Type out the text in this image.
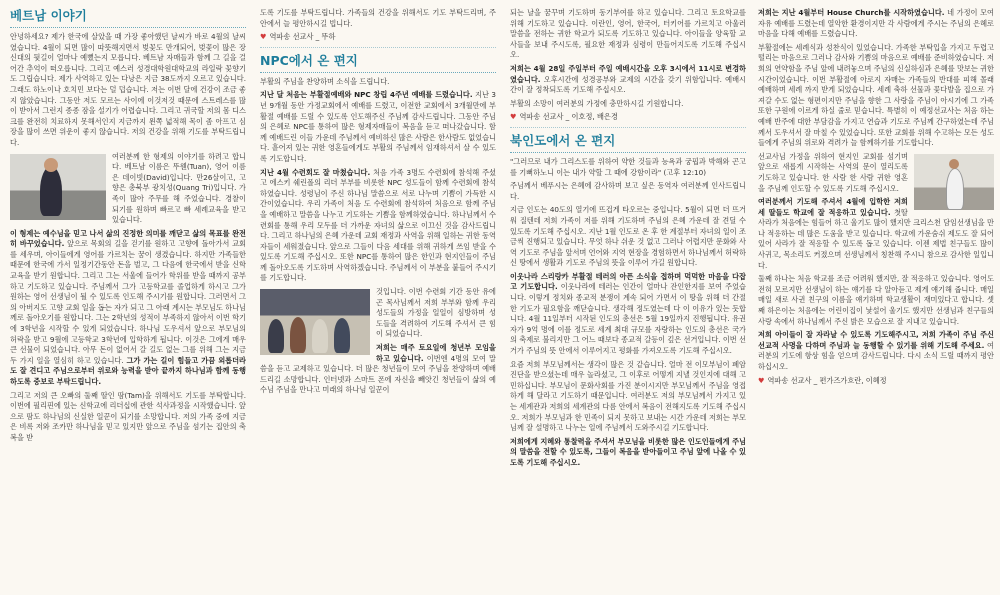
베트남 이야기

안녕하세요? 제가 한국에 살았을 때 가장 좋아했던 날씨가 바로 4월의 날씨였습니다. 4월이 되면 많이 따뜻해지면서 벚꽃도 만개되어, 벚꽃이 많은 장신대의 뒷길이 얼마나 예뻤는지 모릅니다. 베트남 자매들과 함께 그 길을 걸어간 추억이 떠오릅니다. 그리고 예스러 성경대학원대학교의 라일락 꽃향기도 그립습니다. 제가 사역하고 있는 다낭은 지금 38도까지 오르고 있습니다. 그래도 하노이나 호치민 보다는 덜 덥습니다. 저는 이번 달에 건강이 조금 좋지 않았습니다. 그동안 저도 모르는 사이에 이것저것 때문에 스트레스를 많이 받아서 그런지 종종 잠을 설기가 어렵습니다. 그리고 귀국할 저의 몸 디스크를 완전히 치료하지 못해서인지 지금까지 왼쪽 넓적해 목이 좀 아프고 심장을 많이 쓰면 위운이 좋지 않습니다. 저의 건강을 위해 기도를 부탁드립니다.

여러분께 한 형제의 이야기를 하려고 합니다. 베트남 이름은 뚜웬(Tuan), 영어 이름은 데이빗(David)입니다. 만26살이고, 고향은 총북부 광치성(Quang Tri)입니다. 가족이 많아 주무를 해 주었습니다. 경찰이 되기를 원하며 빠르고 빠 세례교육을 받고 있습니다.

이 형제는 예수님을 믿고 나서 삶의 진정한 의미를 깨닫고 삶의 목표를 완전히 바꾸었습니다. 앞으로 목회의 길을 걷기를 원하고 고향에 돌아가서 교회를 세우며, 아이들에게 영어를 가르치는 꿈이 생겼습니다. 하지만 가족들한 때문에 한국에 가서 일정기간동안 돈을 벌고, 그 다음에 한국에서 받을 신학 교육을 받기 원합니다. 그리고 그는 서울에 들어가 학위를 받을 때까지 공부하고 기도하고 있습니다. 주님께서 그가 고등학교를 졸업하게 하시고 그가 원하는 영어 선생님이 될 수 있도록 인도해 주시기를 원합니다. 그러면서 그의 아버지도 고향 교회 일을 돕는 자가 되고 그 아래 계시는 부모님도 하나님께로 돌아오기를 원합니다. 그는 2학년의 성적이 부족하지 않아서 이번 학기에 3학년을 시작할 수 있게 되었습니다. 하나님 도우셔서 앞으로 부모님의 허락을 받고 9월에 고등학교 3학년에 입학하게 됩니다. 이것은 그에게 매우 큰 선물이 되었습니다. 아무 돈이 없어서 갈 길도 없는 그를 위해 그는 지금 두 가지 일을 열심히 하고 있습니다. 그가 가는 길이 힘들고 가끔 외롭더라도 잘 견디고 주님으로부터 위로와 능력을 받아 끝까지 하나님과 함께 동행하도록 중보로 부탁드립니다.

그리고 저의 큰 오빠의 둘째 딸인 땀(Tam)을 위해서도 기도를 부탁합니다. 이번에 필리핀에 있는 신학교에 리더십에 관한 석사과정을 시작했습니다. 앞으로 땀도 하나님의 신실한 일꾼이 되기를 소망합니다. 저의 가족 중에 지금은 비록 저와 조카만 하나님을 믿고 있지만 앞으로 주님을 섬기는 집안의 축복을 받

도록 기도를 부탁드립니다. 가족들의 건강을 위해서도 기도 부탁드리며, 주 안에서 늘 평안하시길 빕니다.

♥ 역파송 선교사 _ 뚜하
NPC에서 온 편지

부활의 주님을 찬양하며 소식을 드립니다.

지난 달 처음는 부활절예배와 NPC 창립 4주년 예배를 드렸습니다. 지난 3년 9개월 동안 가정교회에서 예배를 드렸고, 이전한 교회에서 3개월만에 부활절 예배를 드릴 수 있도록 인도해주신 주님께 감사드립니다. 그동안 주님의 은혜로 NPC를 통하여 많은 형제자매들이 복음을 듣고 떠나갔습니다. 함께 예배드린 이들 가운데 주님께서 예비하신 많은 사람은 한사람도 없었습니다. 흩어져 있는 귀한 영혼들에게도 부활의 주님께서 임재하셔서 살 수 있도록 기도합니다.

지난 4월 수련회도 잘 마쳤습니다. 처음 가족 3명도 수련회에 참석해 주셨고 에스키 쉐린폴의 리더 부부를 비롯한 NPC 성도들이 함께 수련회에 참석하였습니다. 성령님이 주신 하나님 말씀으로 서로 나누며 기쁨이 가득한 시간이었습니다. 우리 가족이 처음 도 수련회에 참석하여 처음으로 함께 주님을 예배하고 말씀을 나누고 기도하는 기쁨을 함께하였습니다. 하나님께서 수련회를 통해 우리 모두를 더 가까운 자녀의 삶으로 이끄신 것을 감사드립니다. 그리고 하나님의 은혜 가운데 교회 재정과 사역을 위해 일하는 귀한 동역자들이 세워졌습니다. 앞으로 그들이 다음 세대를 위해 귀하게 쓰임 받을 수 있도록 기도해 주십시오. 또한 NPC를 통하여 많은 한인과 현지인들이 주님께 돌아오도록 기도하며 사역하겠습니다. 주님께서 이 부분을 붙들어 주시기를 기도합니다.

것입니다. 이번 수련회 기간 동안 유에곤 목사님께서 저희 부부와 함께 우리 성도들의 가정을 일일이 심방하며 성도들을 격려하여 기도해 주셔서 큰 힘이 되었습니다.

저희는 매주 토요일에 청년부 모임을 하고 있습니다. 이번엔 4명의 모여 말씀을 듣고 교제하고 있습니다. 더 많은 청년들이 모여 주님을 찬양하며 예배드리길 소망합니다. 인터넷과 스마트 폰에 자신을 빼앗긴 청년들이 삶의 예수님 주님을 만나고 미래의 하나님 일꾼이

되는 날을 꿈꾸며 기도하며 동기부여를 하고 있습니다. 그리고 토요학교를 위해 기도하고 있습니다. 이란인, 영어, 한국어, 터키어를 가르치고 아울러 말씀을 전하는 귀한 학교가 되도록 기도하고 있습니다. 아이들을 양육할 교사들을 보내 주시도록, 필요한 재정과 심령이 만들어지도록 기도해 주십시오.

저희는 4월 28일 주일부터 주일 예배시간을 오후 3시에서 11시로 변경하였습니다. 오후시간에 성경공부와 교제의 시간을 갖기 위함입니다. 예배시간이 잘 정착되도록 기도해 주십시오.

부활의 소망이 여러분의 가정에 충만하시길 기원합니다.

♥ 역파송 선교사 _ 이호정, 배은경
북인도에서 온 편지

"그러므로 내가 그리스도를 위하여 약한 것들과 능욕과 궁핍과 박해와 곤고를 기뻐하노니 이는 내가 약할 그 때에 강함이라" (고후 12:10)

주님께서 베푸시는 은혜에 감사하며 보고 싶은 동역자 여러분께 인사드립니다.

지금 인도는 40도의 열기에 뜨겁게 타오르는 중입니다. 5월이 되면 더 뜨거워 질텐데 저희 가족이 저를 위해 기도하며 주님의 은혜 가운데 잘 견딜 수 있도록 기도해 주십시오. 지난 1월 인도로 온 후 한 계절부터 자녀의 일이 조금씩 진행되고 있습니다. 무엇 하나 쉬운 것 없고 그러나 어렵지만 문화와 사역 기도로 주님을 앞서며 언어와 지역 현장을 경험하면서 하나님께서 허락하신 땅에서 생활과 기도로 주님의 뜻을 이루어 가길 원합니다.

이웃나라 스리랑카 부활절 테러의 아픈 소식을 접하며 먹먹한 마음을 다잡고 기도합니다. 이웃나라에 테러는 인간이 얼마나 잔인한지를 보여 주었습니다. 이렇게 정치와 종교적 분쟁이 계속 되어 가면서 이 땅을 위해 더 간절한 기도가 필요함을 깨닫습니다. 생각해 정도였는데 다 이 이유가 있는 듯합니다. 4월 11일부터 시작된 인도의 총선은 5월 19일까지 진행됩니다. 유권자가 9억 명에 이를 정도로 세계 최대 규모를 자랑하는 인도의 총선은 국가의 축제로 불리지만 그 어느 때보다 종교적 갈등이 깊은 선거입니다. 이번 선거가 주님의 뜻 안에서 이루어지고 평화를 가져오도록 기도해 주십시오.

요즘 저희 부모님께서는 생각이 많은 것 같습니다. 얼마 전 이모부님이 폐암 진단을 받으셨는데 매우 놀라셨고, 그 이후로 어떻게 지낼 것인지에 대해 고민하십니다. 부모님이 문화사회를 가진 분이시지만 부모님께서 주님을 영접하게 해 달라고 기도하기 때문입니다. 여러분도 저의 부모님께서 가지고 있는 세계관과 저희의 세계관의 다름 안에서 복음이 전해지도록 기도해 주십시오. 저희가 부모님과 한 민족이 되지 못하고 보내는 시간 가운데 저희는 부모님께 잘 설명하고 나누는 일에 주님께서 도와주시길 기도합니다.

저희에게 지혜와 통찰력을 주셔서 부모님을 비롯한 많은 인도인들에게 주님의 말씀을 전할 수 있도록, 그들이 복음을 받아들이고 주님 앞에 나올 수 있도록 기도해 주십시오.

저희는 지난 4월부터 House Church를 시작하였습니다. 네 가정이 모여 자유 예배를 드렸는데 열악한 환경이지만 각 사람에게 주시는 주님의 은혜로 마음을 다해 예배를 드렸습니다.

부활절에는 세례식과 성찬식이 있었습니다. 가족한 부탁입을 가지고 두렵고 떨리는 마음으로 그러나 감사와 기쁨의 마음으로 예배를 준비하였습니다. 저희의 연약함을 주님 앞에 내려놓으며 주님의 신실하심과 은혜를 맛보는 귀한 시간이었습니다. 이번 부활절에 아로지 자매는 가족들의 반대를 피해 몰래 예배하며 세례 까지 받게 되었습니다. 세례 축하 선물과 꽃다발을 집으로 가져갈 수도 없는 형편이지만 주님을 향한 그 사랑을 주님이 아시기에 그 가족 또한 구원에 이르게 하실 줄로 믿습니다. 특별히 이 예정선교사는 처음 하는 예배 반주에 대한 부담감을 가지고 연습과 기도로 주님께 간구하였는데 주님께서 도우셔서 잘 마칠 수 있었습니다. 또한 교회를 위해 수고하는 모든 성도들에게 주님의 위로와 격려가 늘 함께하기를 기도합니다.

선교사님 가정을 위하여 현지인 교회를 섬기며 앞으로 새롭게 시작하는 사역의 문이 열리도록 기도하고 있습니다. 한 사람 한 사람 귀한 영혼을 주님께 인도할 수 있도록 기도해 주십시오.

여러분께서 기도해 주셔서 4월에 입학한 저희 세 딸들도 학교에 잘 적응하고 있습니다. 첫딸 사라가 처음에는 힘들어 하고 울기도 많이 했지만 크리스천 담임선생님을 만나 적응하는 데 많은 도움을 받고 있습니다. 학교에 가운숨쉬 제도도 잘 되어 있어 사라가 잘 적응할 수 있도록 돕고 있습니다. 이젠 제법 친구들도 많이 사귀고, 목소리도 커졌으며 선생님께서 칭찬해 주시니 참으로 감사한 일입니다.

둘째 하나는 처음 학교를 조금 어려워 했지만, 잘 적응하고 있습니다. 영어도 전혀 모르지만 선생님이 하는 얘기를 다 알아듣고 제게 얘기해 줍니다. 매일매일 새로 사귄 친구의 이름을 얘기하며 학교생활이 재미있다고 합니다. 셋째 하은이는 처음에는 어린이집이 낯설어 울기도 했지만 선생님과 친구들의 사랑 속에서 하나님께서 주신 밝은 모습으로 잘 지내고 있습니다.

저희 아이들이 잘 자라날 수 있도록 기도해주시고, 저희 가족이 주님 주신 선교적 사명을 다하며 주님과 늘 동행할 수 있기를 위해 기도해 주세요. 여러분의 기도에 항상 힘을 얻으며 감사드립니다. 다시 소식 드릴 때까지 평안하십시오.

♥ 역파송 선교사 _ 편가즈가흐란, 이혜정
